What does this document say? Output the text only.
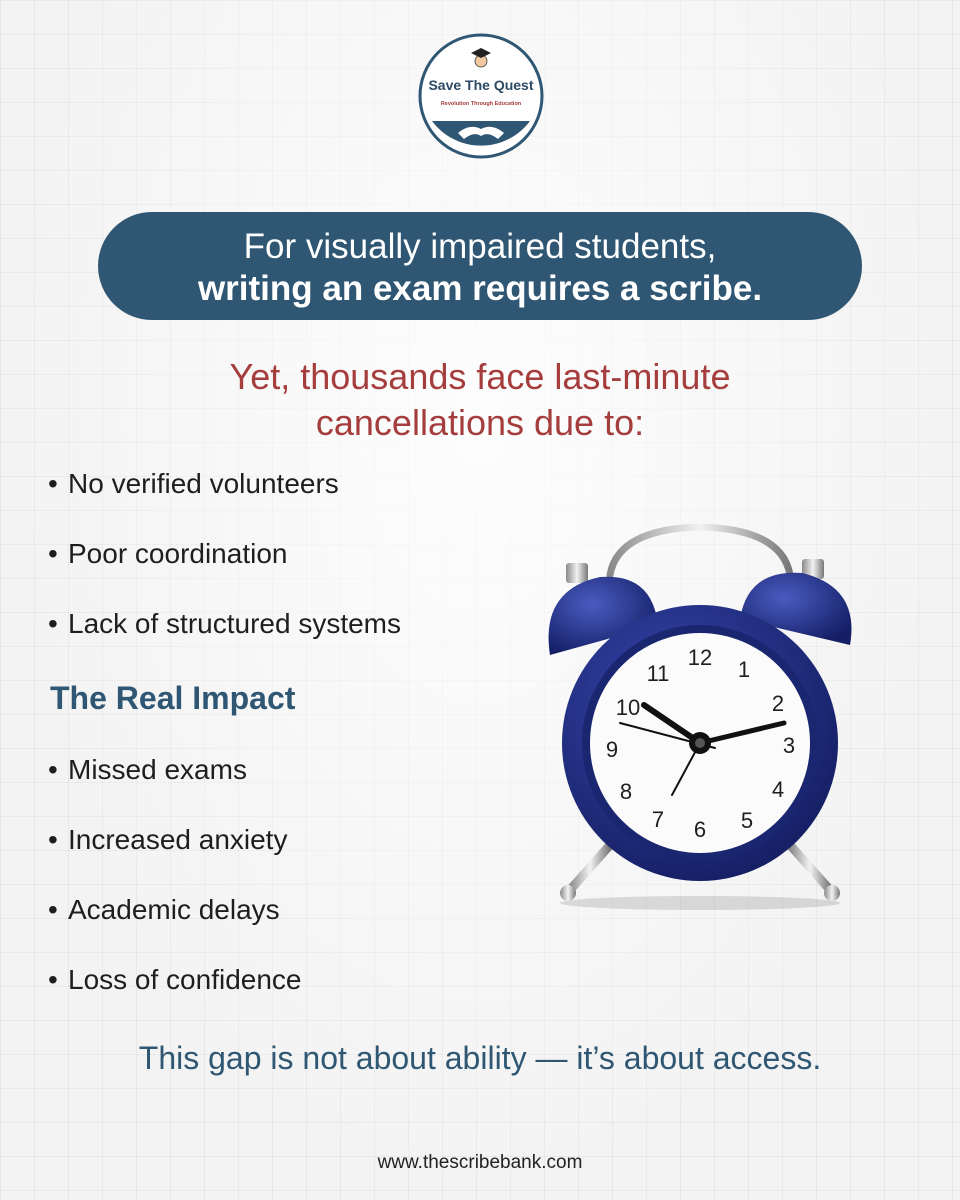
Save The Quest
Revolution Through Education
For visually impaired students,
writing an exam requires a scribe.
Yet, thousands face last-minute
cancellations due to:
• No verified volunteers
• Poor coordination
• Lack of structured systems
The Real Impact
• Missed exams
• Increased anxiety
• Academic delays
• Loss of confidence
12 1
2
3
4
5
6
7
8
9
10
11
This gap is not about ability — it’s about access.
www.thescribebank.com
